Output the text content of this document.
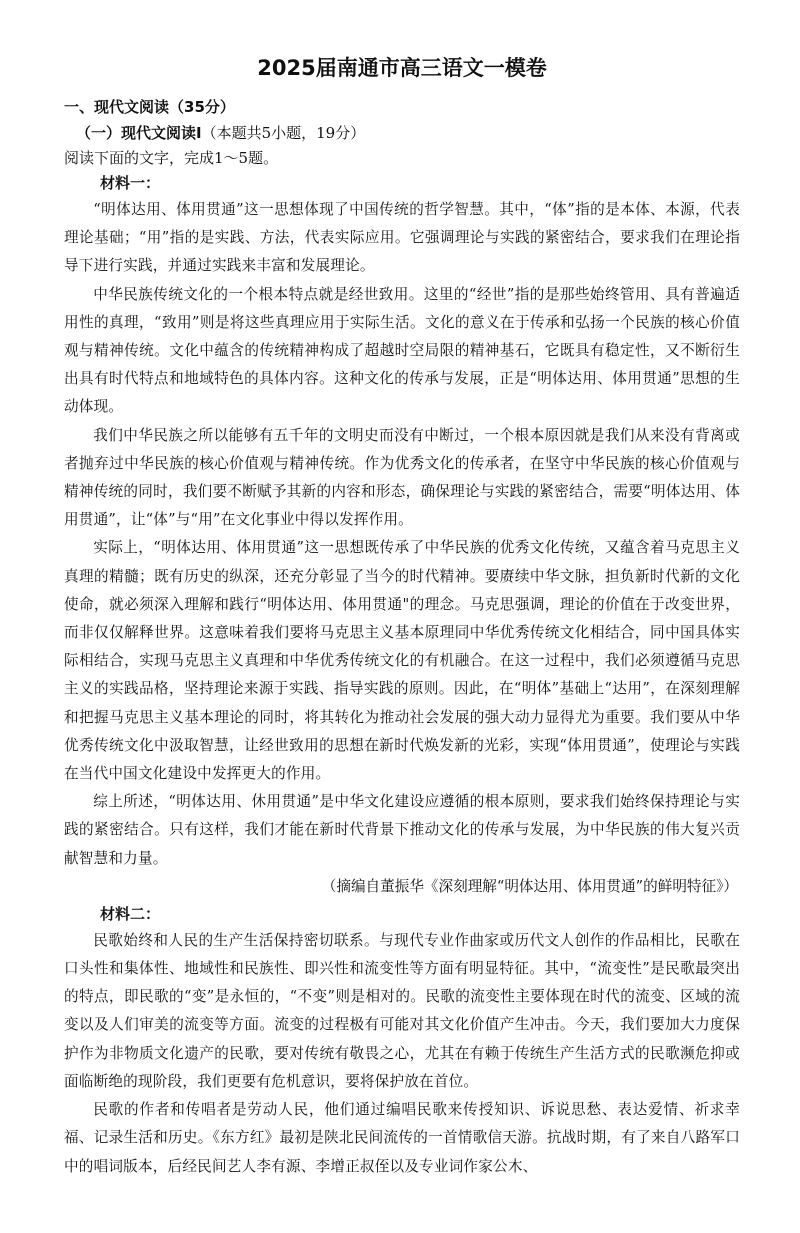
2025届南通市高三语文一模卷
一、现代文阅读（35分）
（一）现代文阅读Ⅰ（本题共5小题，19分）
阅读下面的文字，完成1～5题。
材料一：

“明体达用、体用贯通”这一思想体现了中国传统的哲学智慧。其中，“体”指的是本体、本源，代表理论基础；“用”指的是实践、方法，代表实际应用。它强调理论与实践的紧密结合，要求我们在理论指导下进行实践，并通过实践来丰富和发展理论。

中华民族传统文化的一个根本特点就是经世致用。这里的“经世”指的是那些始终管用、具有普遍适用性的真理，“致用”则是将这些真理应用于实际生活。文化的意义在于传承和弘扬一个民族的核心价值观与精神传统。文化中蕴含的传统精神构成了超越时空局限的精神基石，它既具有稳定性，又不断衍生出具有时代特点和地域特色的具体内容。这种文化的传承与发展，正是“明体达用、体用贯通”思想的生动体现。

我们中华民族之所以能够有五千年的文明史而没有中断过，一个根本原因就是我们从来没有背离或者抛弃过中华民族的核心价值观与精神传统。作为优秀文化的传承者，在坚守中华民族的核心价值观与精神传统的同时，我们要不断赋予其新的内容和形态，确保理论与实践的紧密结合，需要“明体达用、体用贯通”，让“体”与“用”在文化事业中得以发挥作用。

实际上，“明体达用、体用贯通”这一思想既传承了中华民族的优秀文化传统，又蕴含着马克思主义真理的精髓；既有历史的纵深，还充分彰显了当今的时代精神。要赓续中华文脉，担负新时代新的文化使命，就必须深入理解和践行“明体达用、体用贯通"的理念。马克思强调，理论的价值在于改变世界，而非仅仅解释世界。这意味着我们要将马克思主义基本原理同中华优秀传统文化相结合，同中国具体实际相结合，实现马克思主义真理和中华优秀传统文化的有机融合。在这一过程中，我们必须遵循马克思主义的实践品格，坚持理论来源于实践、指导实践的原则。因此，在“明体”基础上“达用”，在深刻理解和把握马克思主义基本理论的同时，将其转化为推动社会发展的强大动力显得尤为重要。我们要从中华优秀传统文化中汲取智慧，让经世致用的思想在新时代焕发新的光彩，实现“体用贯通”，使理论与实践在当代中国文化建设中发挥更大的作用。

综上所述，“明体达用、休用贯通”是中华文化建设应遵循的根本原则，要求我们始终保持理论与实践的紧密结合。只有这样，我们才能在新时代背景下推动文化的传承与发展，为中华民族的伟大复兴贡献智慧和力量。

（摘编自董振华《深刻理解“明体达用、体用贯通”的鲜明特征》）
材料二：

民歌始终和人民的生产生活保持密切联系。与现代专业作曲家或历代文人创作的作品相比，民歌在口头性和集体性、地域性和民族性、即兴性和流变性等方面有明显特征。其中，“流变性”是民歌最突出的特点，即民歌的“变”是永恒的，“不变”则是相对的。民歌的流变性主要体现在时代的流变、区域的流变以及人们审美的流变等方面。流变的过程极有可能对其文化价值产生冲击。今天，我们要加大力度保护作为非物质文化遗产的民歌，要对传统有敬畏之心，尤其在有赖于传统生产生活方式的民歌濒危抑或面临断绝的现阶段，我们更要有危机意识，要将保护放在首位。

民歌的作者和传唱者是劳动人民，他们通过编唱民歌来传授知识、诉说思愁、表达爱情、祈求幸福、记录生活和历史。《东方红》最初是陕北民间流传的一首情歌信天游。抗战时期，有了来自八路军口中的唱词版本，后经民间艺人李有源、李增正叔侄以及专业词作家公木、
